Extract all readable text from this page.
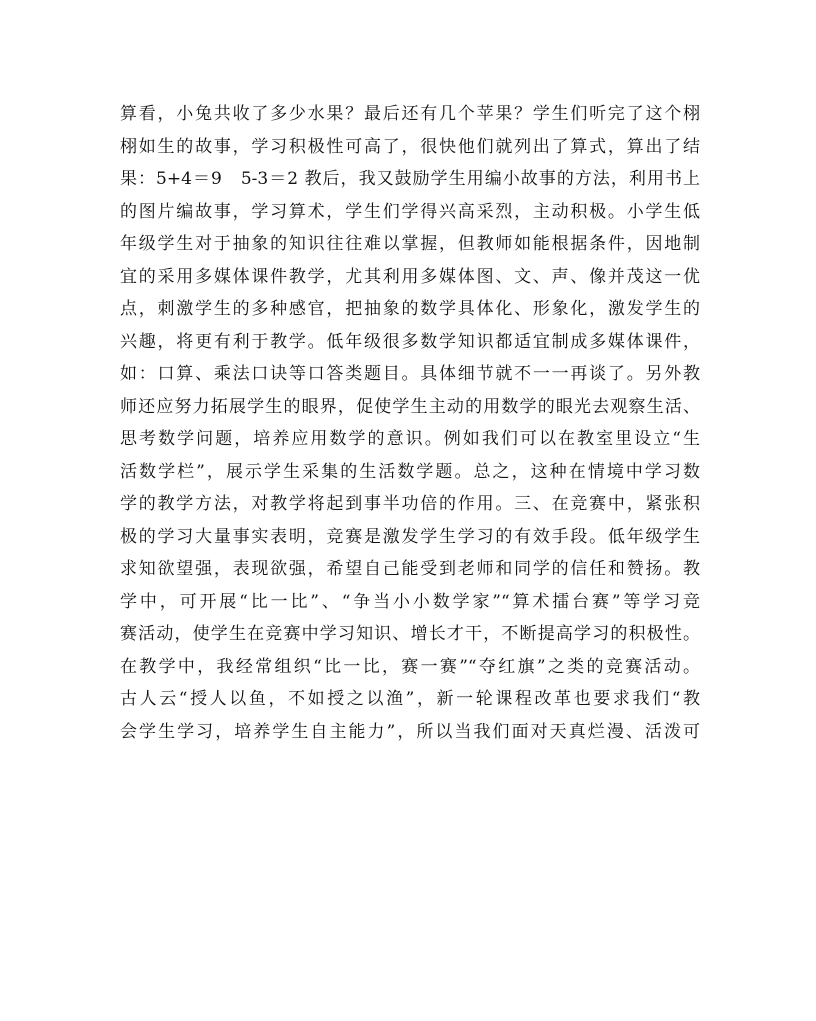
算看，小兔共收了多少水果？最后还有几个苹果？学生们听完了这个栩
栩如生的故事，学习积极性可高了，很快他们就列出了算式，算出了结
果：5+4＝9　5-3＝2 教后，我又鼓励学生用编小故事的方法，利用书上
的图片编故事，学习算术，学生们学得兴高采烈，主动积极。小学生低
年级学生对于抽象的知识往往难以掌握，但教师如能根据条件，因地制
宜的采用多媒体课件教学，尤其利用多媒体图、文、声、像并茂这一优
点，刺激学生的多种感官，把抽象的数学具体化、形象化，激发学生的
兴趣，将更有利于教学。低年级很多数学知识都适宜制成多媒体课件，
如：口算、乘法口诀等口答类题目。具体细节就不一一再谈了。另外教
师还应努力拓展学生的眼界，促使学生主动的用数学的眼光去观察生活、
思考数学问题，培养应用数学的意识。例如我们可以在教室里设立“生
活数学栏”，展示学生采集的生活数学题。总之，这种在情境中学习数
学的教学方法，对教学将起到事半功倍的作用。三、在竞赛中，紧张积
极的学习大量事实表明，竞赛是激发学生学习的有效手段。低年级学生
求知欲望强，表现欲强，希望自己能受到老师和同学的信任和赞扬。教
学中，可开展“比一比”、“争当小小数学家”“算术擂台赛”等学习竞
赛活动，使学生在竞赛中学习知识、增长才干，不断提高学习的积极性。
在教学中，我经常组织“比一比，赛一赛”“夺红旗”之类的竞赛活动。
古人云“授人以鱼，不如授之以渔”，新一轮课程改革也要求我们“教
会学生学习，培养学生自主能力”，所以当我们面对天真烂漫、活泼可
